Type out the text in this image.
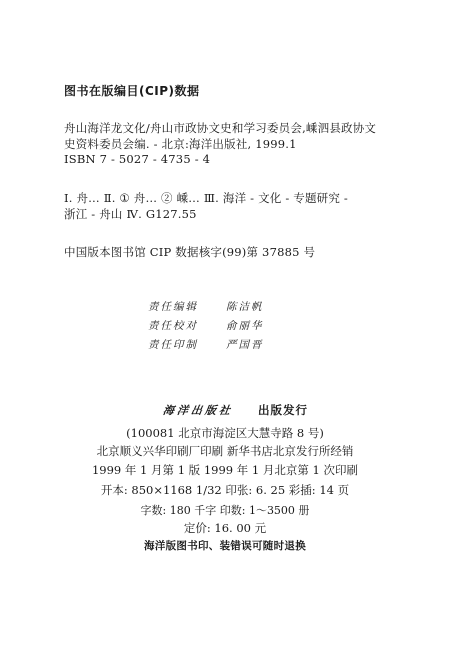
图书在版编目(CIP)数据
舟山海洋龙文化/舟山市政协文史和学习委员会,嵊泗县政协文
史资料委员会编. - 北京:海洋出版社, 1999.1
ISBN 7 - 5027 - 4735 - 4
Ⅰ. 舟… Ⅱ. ① 舟… ② 嵊… Ⅲ. 海洋 - 文化 - 专题研究 -
浙江 - 舟山 Ⅳ. G127.55
中国版本图书馆 CIP 数据核字(99)第 37885 号
责任编辑	陈洁帆
责任校对	俞丽华
责任印制	严国晋
海洋出版社 出版发行
(100081 北京市海淀区大慧寺路 8 号)
北京顺义兴华印刷厂印刷 新华书店北京发行所经销
1999 年 1 月第 1 版 1999 年 1 月北京第 1 次印刷
开本: 850×1168 1/32 印张: 6. 25 彩插: 14 页
字数: 180 千字 印数: 1～3500 册
定价: 16. 00 元
海洋版图书印、装错误可随时退换
